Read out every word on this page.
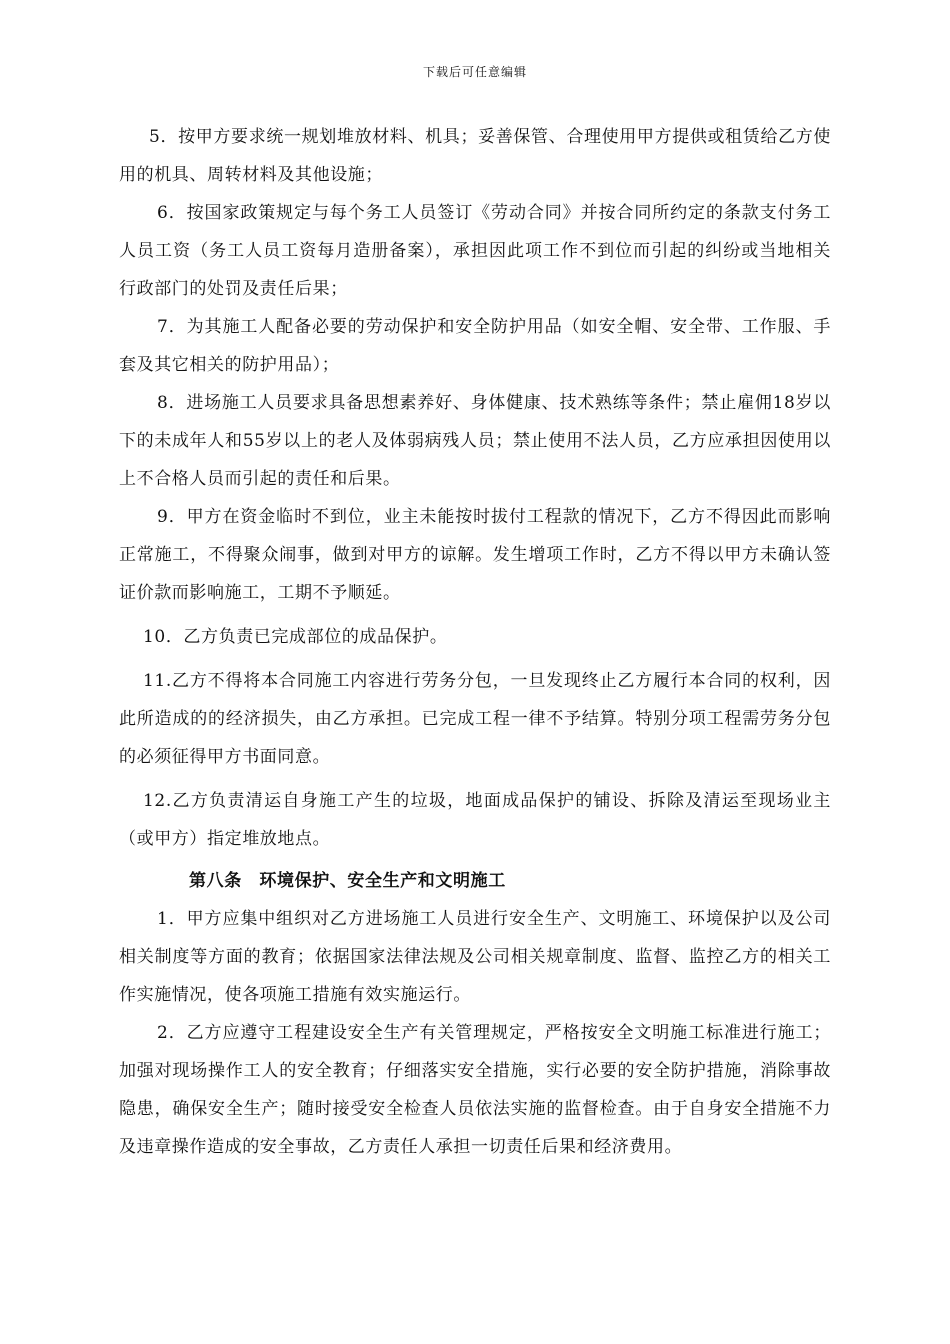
下载后可任意编辑

5．按甲方要求统一规划堆放材料、机具；妥善保管、合理使用甲方提供或租赁给乙方使用的机具、周转材料及其他设施；

6．按国家政策规定与每个务工人员签订《劳动合同》并按合同所约定的条款支付务工人员工资（务工人员工资每月造册备案），承担因此项工作不到位而引起的纠纷或当地相关行政部门的处罚及责任后果；

7．为其施工人配备必要的劳动保护和安全防护用品（如安全帽、安全带、工作服、手套及其它相关的防护用品）；

8．进场施工人员要求具备思想素养好、身体健康、技术熟练等条件；禁止雇佣18岁以下的未成年人和55岁以上的老人及体弱病残人员；禁止使用不法人员，乙方应承担因使用以上不合格人员而引起的责任和后果。

9．甲方在资金临时不到位，业主未能按时拔付工程款的情况下，乙方不得因此而影响正常施工，不得聚众闹事，做到对甲方的谅解。发生增项工作时，乙方不得以甲方未确认签证价款而影响施工，工期不予顺延。

10．乙方负责已完成部位的成品保护。

11.乙方不得将本合同施工内容进行劳务分包，一旦发现终止乙方履行本合同的权利，因此所造成的的经济损失，由乙方承担。已完成工程一律不予结算。特别分项工程需劳务分包的必须征得甲方书面同意。

12.乙方负责清运自身施工产生的垃圾，地面成品保护的铺设、拆除及清运至现场业主（或甲方）指定堆放地点。

第八条　环境保护、安全生产和文明施工

1．甲方应集中组织对乙方进场施工人员进行安全生产、文明施工、环境保护以及公司相关制度等方面的教育；依据国家法律法规及公司相关规章制度、监督、监控乙方的相关工作实施情况，使各项施工措施有效实施运行。

2．乙方应遵守工程建设安全生产有关管理规定，严格按安全文明施工标准进行施工；加强对现场操作工人的安全教育；仔细落实安全措施，实行必要的安全防护措施，消除事故隐患，确保安全生产；随时接受安全检查人员依法实施的监督检查。由于自身安全措施不力及违章操作造成的安全事故，乙方责任人承担一切责任后果和经济费用。
